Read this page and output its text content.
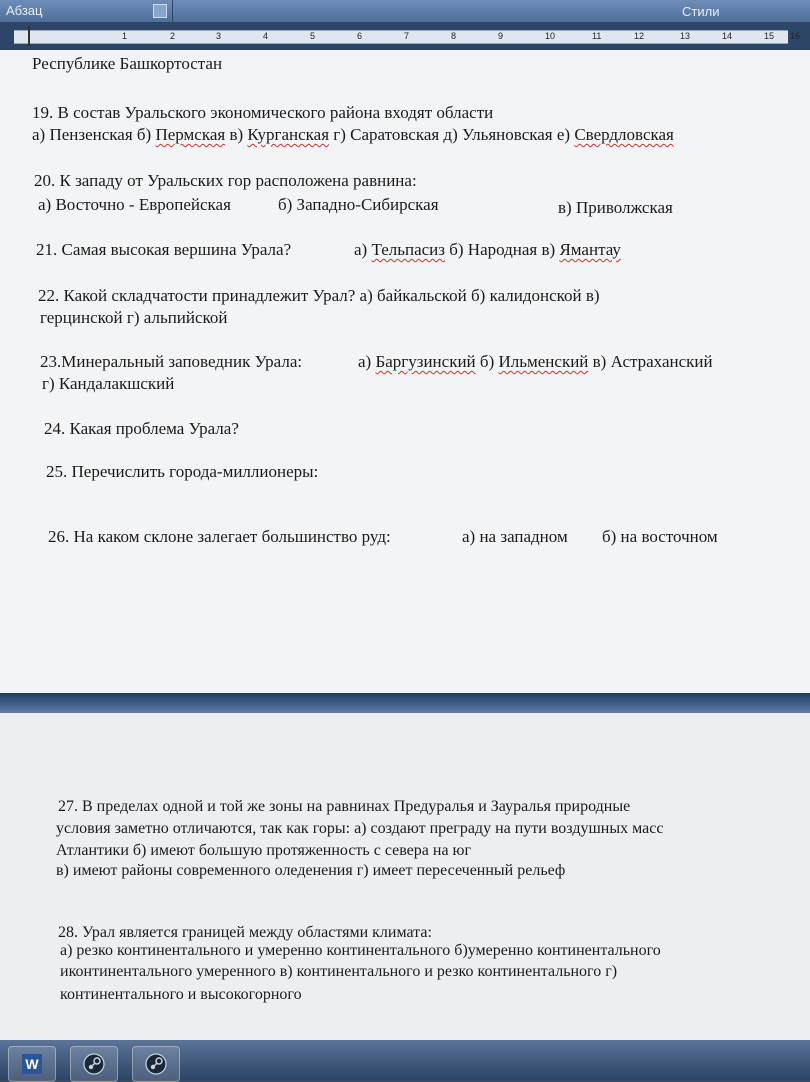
Абзац	Стили
1	2	3	4	5	6	7	8	9	10	11	12	13	14	15 16
Республике Башкортостан
19. В состав Уральского экономического района входят области
а) Пензенская б) Пермская в) Курганская г) Саратовская д) Ульяновская е) Свердловская
20. К западу от Уральских гор расположена равнина:
а) Восточно - Европейская	б) Западно-Сибирская	в) Приволжская
21. Самая высокая вершина Урала?	а) Тельпасиз б) Народная в) Ямантау
22. Какой складчатости принадлежит Урал? а) байкальской б) калидонской в)
герцинской г) альпийской
23.Минеральный заповедник Урала:	а) Баргузинский б) Ильменский в) Астраханский
г) Кандалакшский
24. Какая проблема Урала?
25. Перечислить города-миллионеры:
26. На каком склоне залегает большинство руд:	а) на западном б) на восточном
27. В пределах одной и той же зоны на равнинах Предуралья и Зауралья природные
условия заметно отличаются, так как горы: а) создают преграду на пути воздушных масс
Атлантики б) имеют большую протяженность с севера на юг
в) имеют районы современного оледенения г) имеет пересеченный рельеф
28. Урал является границей между областями климата:
а) резко континентального и умеренно континентального б)умеренно континентального
иконтинентального умеренного в) континентального и резко континентального г)
континентального и высокогорного
W
